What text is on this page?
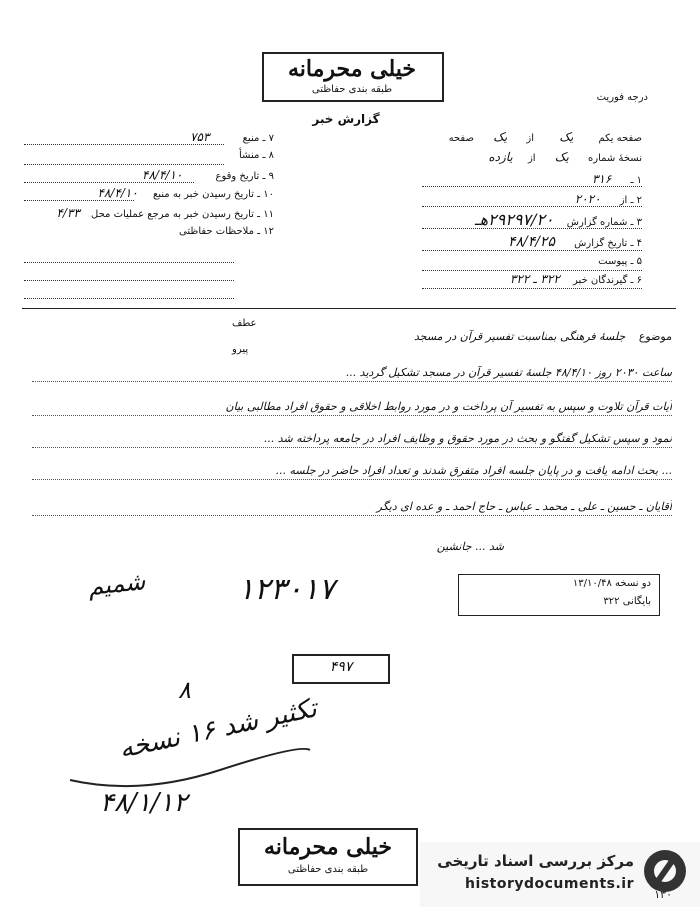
خیلی محرمانه
طبقه بندی حفاظتی
درجه فوریت
گزارش خبر
صفحه یکم یک از یک صفحه
نسخهٔ شماره یک از یازده
۱ ـ ۳۱۶
۲ ـ از ۲۰۲۰
۳ ـ شماره گزارش ۲۹۲۹۷/۲۰هـ
۴ ـ تاریخ گزارش ۴۸/۴/۲۵
۵ ـ پیوست
۶ ـ گیرندگان خبر ۳۲۲ ـ ۳۲۲
۷ ـ منبع ۷۵۳
۸ ـ منشأ
۹ ـ تاریخ وقوع ۴۸/۴/۱۰
۱۰ ـ تاریخ رسیدن خبر به منبع ۴۸/۴/۱۰
۱۱ ـ تاریخ رسیدن خبر به مرجع عملیات محل ۴/۳۳
۱۲ ـ ملاحظات حفاظتی
عطف
پیرو
موضوع جلسهٔ فرهنگی بمناسبت تفسیر قرآن در مسجد
ساعت ۲۰۳۰ روز ۴۸/۴/۱۰ جلسهٔ تفسیر قرآن در مسجد تشکیل گردید ...
آیات قرآن تلاوت و سپس به تفسیر آن پرداخت و در مورد روابط اخلاقی و حقوق افراد مطالبی بیان
نمود و سپس تشکیل گفتگو و بحث در مورد حقوق و وظایف افراد در جامعه پرداخته شد ...
... بحث ادامه یافت و در پایان جلسه افراد متفرق شدند و تعداد افراد حاضر در جلسه ...
آقایان ـ حسین ـ علی ـ محمد ـ عباس ـ حاج احمد ـ و عده ای دیگر
شد ... جانشین
دو نسخه ۱۳/۱۰/۴۸
بایگانی ۳۲۲
شمیم	۱۲۳۰۱۷
۴۹۷
۸
تکثیر شد ۱۶ نسخه
۴۸/۱/۱۲
خیلی محرمانه
طبقه بندی حفاظتی	مرکز بررسی اسناد تاریخی
historydocuments.ir
۱۳۰
